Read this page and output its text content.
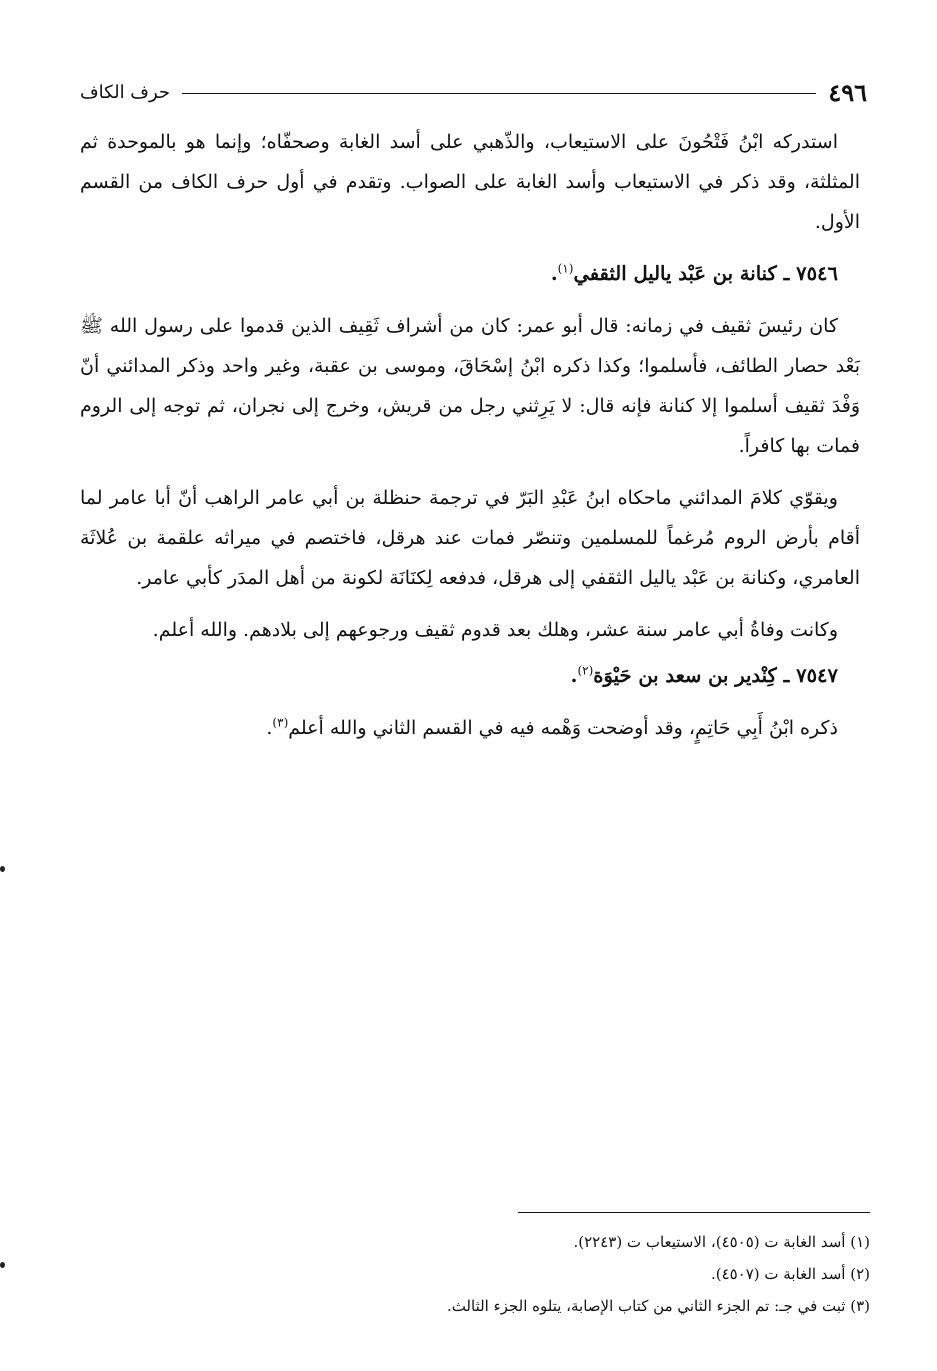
٤٩٦
حرف الكاف

استدركه ابْنُ فَتْحُونَ على الاستيعاب، والذّهبي على أسد الغابة وصحفّاه؛ وإنما هو بالموحدة ثم المثلثة، وقد ذكر في الاستيعاب وأسد الغابة على الصواب. وتقدم في أول حرف الكاف من القسم الأول.

٧٥٤٦ ـ كنانة بن عَبْد ياليل الثقفي$^{(١)}$.

كان رئيسَ ثقيف في زمانه: قال أبو عمر: كان من أشراف ثَقِيف الذين قدموا على رسول الله ﷺ بَعْد حصار الطائف، فأسلموا؛ وكذا ذكره ابْنُ إسْحَاقَ، وموسى بن عقبة، وغير واحد وذكر المدائني أنّ وَفْدَ ثقيف أسلموا إلا كنانة فإنه قال: لا يَرِثني رجل من قريش، وخرج إلى نجران، ثم توجه إلى الروم فمات بها كافراً.

ويقوّي كلامَ المدائني ماحكاه ابنُ عَبْدِ البَرّ في ترجمة حنظلة بن أبي عامر الراهب أنّ أبا عامر لما أقام بأرض الروم مُرغماً للمسلمين وتنصّر فمات عند هرقل، فاختصم في ميراثه علقمة بن عُلاثَة العامري، وكنانة بن عَبْد ياليل الثقفي إلى هرقل، فدفعه لِكنَانَة لكونة من أهل المدَر كأبي عامر.

وكانت وفاةُ أبي عامر سنة عشر، وهلك بعد قدوم ثقيف ورجوعهم إلى بلادهم. والله أعلم.

٧٥٤٧ ـ كِنْدير بن سعد بن حَيْوَة$^{(٢)}$.

ذكره ابْنُ أَبِي حَاتِمٍ، وقد أوضحت وَهْمه فيه في القسم الثاني والله أعلم$^{(٣)}$.

(١) أسد الغابة ت (٤٥٠٥)، الاستيعاب ت (٢٢٤٣).

(٢) أسد الغابة ت (٤٥٠٧).

(٣) ثبت في جـ: تم الجزء الثاني من كتاب الإصابة، يتلوه الجزء الثالث.
